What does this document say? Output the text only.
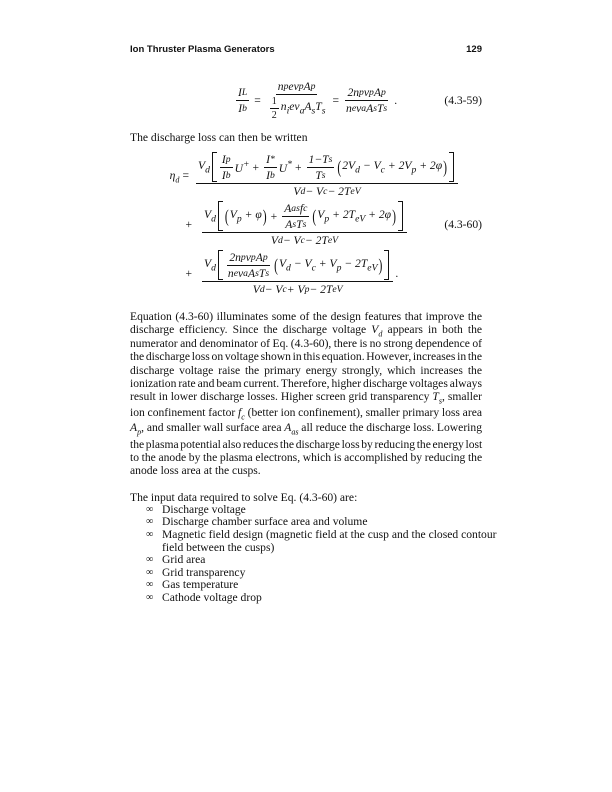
Ion Thruster Plasma Generators	129
$\frac{\text{I L}}{\text{I b}} = \frac{\text{n p ev p A p}}{\frac{1}{2} n_iev_aA_sT_s} = \frac{\text{2n p v p A p}}{\text{n e v a A s T s}}$ .	(4.3-59)
The discharge loss can then be written
$\eta_d$ =
$V_d \frac{\text{I p}}{\text{I b}} U^+ + \frac{I *}{\text{I b}} U^* + \frac{\text{1−T s}}{\text{T s}}$ ( $2V_d - V_c + 2V_p + 2\varphi$ )
V d − V c − 2T eV
+
$V_d$ ( $V_p + \varphi$ ) + $\frac{\text{A as f c}}{\text{A s T s}}$ ( $V_p + 2T_{eV} + 2\varphi$ )
V d − V c − 2T eV
(4.3-60)
+ $\frac{V_d \frac{\text{2n p v p A p}}{\text{n e v a A s T s}} ( V_d - V_c + V_p - 2T_{eV} )}{\text{V d − V c + V p − 2T eV}}$ .
Equation (4.3-60) illuminates some of the design features that improve the
discharge efficiency. Since the discharge voltage $V_d$ appears in both the
numerator and denominator of Eq. (4.3-60), there is no strong dependence of
the discharge loss on voltage shown in this equation. However, increases in the
discharge voltage raise the primary energy strongly, which increases the
ionization rate and beam current. Therefore, higher discharge voltages always
result in lower discharge losses. Higher screen grid transparency $T_s$, smaller
ion confinement factor $f_c$ (better ion confinement), smaller primary loss area
$A_p$, and smaller wall surface area $A_{as}$ all reduce the discharge loss. Lowering
the plasma potential also reduces the discharge loss by reducing the energy lost
to the anode by the plasma electrons, which is accomplished by reducing the
anode loss area at the cusps.
The input data required to solve Eq. (4.3-60) are:
∞ Discharge voltage
∞ Discharge chamber surface area and volume
∞ Magnetic field design (magnetic field at the cusp and the closed contour
field between the cusps)
∞ Grid area
∞ Grid transparency
∞ Gas temperature
∞ Cathode voltage drop
